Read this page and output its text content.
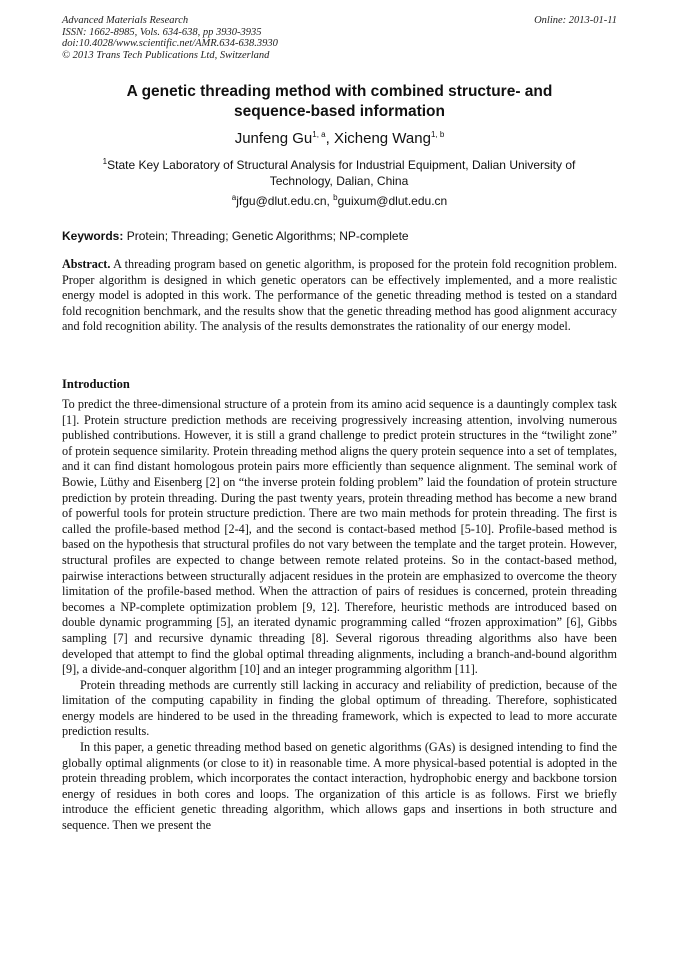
Advanced Materials Research
ISSN: 1662-8985, Vols. 634-638, pp 3930-3935
doi:10.4028/www.scientific.net/AMR.634-638.3930
© 2013 Trans Tech Publications Ltd, Switzerland
Online: 2013-01-11
A genetic threading method with combined structure- and
sequence-based information
Junfeng Gu$^{1, a}$, Xicheng Wang$^{1, b}$
$^1$State Key Laboratory of Structural Analysis for Industrial Equipment, Dalian University of Technology, Dalian, China
$^a$jfgu@dlut.edu.cn, $^b$guixum@dlut.edu.cn
Keywords: Protein; Threading; Genetic Algorithms; NP-complete
Abstract. A threading program based on genetic algorithm, is proposed for the protein fold recognition problem. Proper algorithm is designed in which genetic operators can be effectively implemented, and a more realistic energy model is adopted in this work. The performance of the genetic threading method is tested on a standard fold recognition benchmark, and the results show that the genetic threading method has good alignment accuracy and fold recognition ability. The analysis of the results demonstrates the rationality of our energy model.
Introduction

To predict the three-dimensional structure of a protein from its amino acid sequence is a dauntingly complex task [1]. Protein structure prediction methods are receiving progressively increasing attention, involving numerous published contributions. However, it is still a grand challenge to predict protein structures in the “twilight zone” of protein sequence similarity. Protein threading method aligns the query protein sequence into a set of templates, and it can find distant homologous protein pairs more efficiently than sequence alignment. The seminal work of Bowie, Lüthy and Eisenberg [2] on “the inverse protein folding problem” laid the foundation of protein structure prediction by protein threading. During the past twenty years, protein threading method has become a new brand of powerful tools for protein structure prediction. There are two main methods for protein threading. The first is called the profile-based method [2-4], and the second is contact-based method [5-10]. Profile-based method is based on the hypothesis that structural profiles do not vary between the template and the target protein. However, structural profiles are expected to change between remote related proteins. So in the contact-based method, pairwise interactions between structurally adjacent residues in the protein are emphasized to overcome the theory limitation of the profile-based method. When the attraction of pairs of residues is concerned, protein threading becomes a NP-complete optimization problem [9, 12]. Therefore, heuristic methods are introduced based on double dynamic programming [5], an iterated dynamic programming called “frozen approximation” [6], Gibbs sampling [7] and recursive dynamic threading [8]. Several rigorous threading algorithms also have been developed that attempt to find the global optimal threading alignments, including a branch-and-bound algorithm [9], a divide-and-conquer algorithm [10] and an integer programming algorithm [11].

Protein threading methods are currently still lacking in accuracy and reliability of prediction, because of the limitation of the computing capability in finding the global optimum of threading. Therefore, sophisticated energy models are hindered to be used in the threading framework, which is expected to lead to more accurate prediction results.

In this paper, a genetic threading method based on genetic algorithms (GAs) is designed intending to find the globally optimal alignments (or close to it) in reasonable time. A more physical-based potential is adopted in the protein threading problem, which incorporates the contact interaction, hydrophobic energy and backbone torsion energy of residues in both cores and loops. The organization of this article is as follows. First we briefly introduce the efficient genetic threading algorithm, which allows gaps and insertions in both structure and sequence. Then we present the
